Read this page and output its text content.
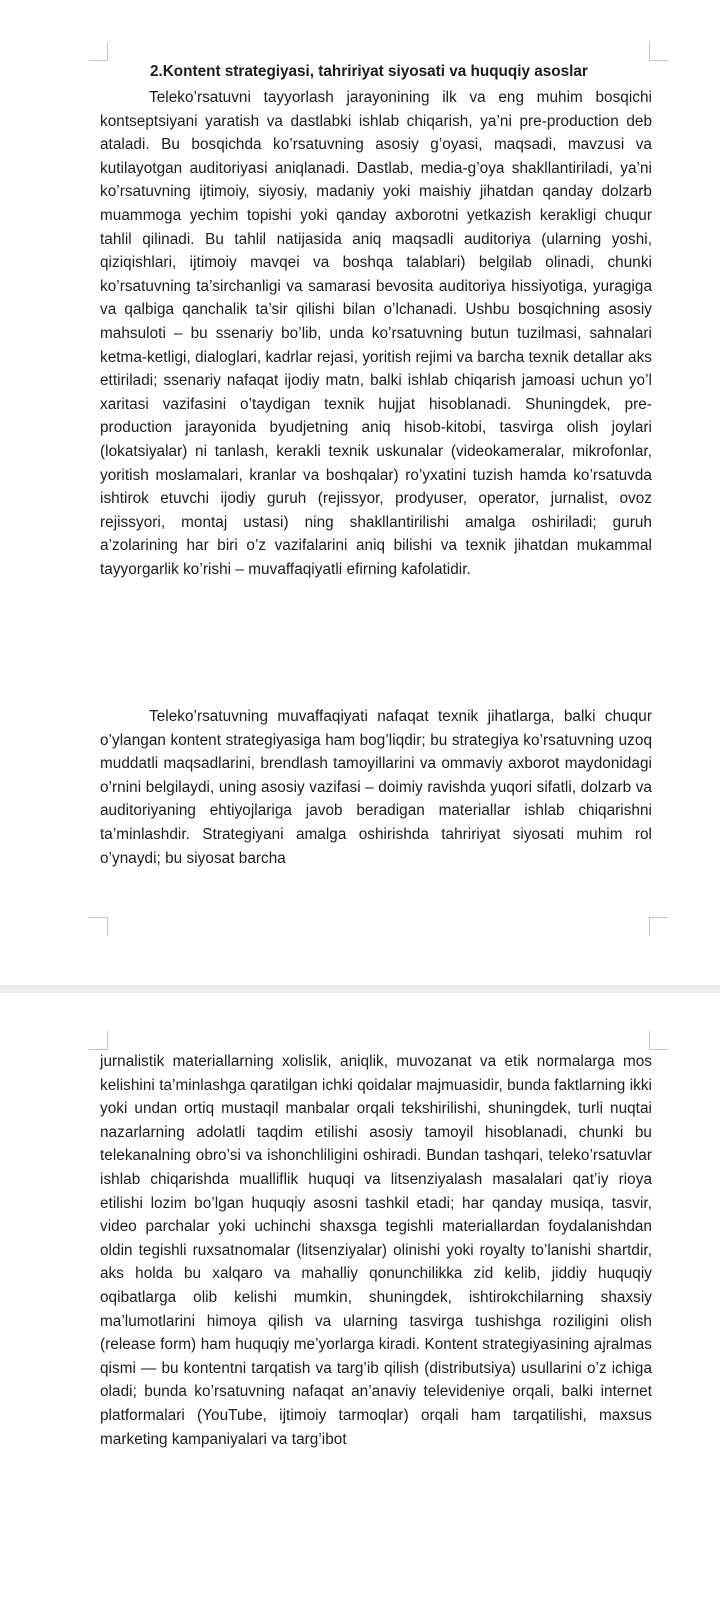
2.Kontent strategiyasi, tahririyat siyosati va huquqiy asoslar

Teleko’rsatuvni tayyorlash jarayonining ilk va eng muhim bosqichi kontseptsiyani yaratish va dastlabki ishlab chiqarish, ya’ni pre-production deb ataladi. Bu bosqichda ko’rsatuvning asosiy g’oyasi, maqsadi, mavzusi va kutilayotgan auditoriyasi aniqlanadi. Dastlab, media-g’oya shakllantiriladi, ya’ni ko’rsatuvning ijtimoiy, siyosiy, madaniy yoki maishiy jihatdan qanday dolzarb muammoga yechim topishi yoki qanday axborotni yetkazish kerakligi chuqur tahlil qilinadi. Bu tahlil natijasida aniq maqsadli auditoriya (ularning yoshi, qiziqishlari, ijtimoiy mavqei va boshqa talablari) belgilab olinadi, chunki ko’rsatuvning ta’sirchanligi va samarasi bevosita auditoriya hissiyotiga, yuragiga va qalbiga qanchalik ta’sir qilishi bilan o’lchanadi. Ushbu bosqichning asosiy mahsuloti – bu ssenariy bo’lib, unda ko’rsatuvning butun tuzilmasi, sahnalari ketma-ketligi, dialoglari, kadrlar rejasi, yoritish rejimi va barcha texnik detallar aks ettiriladi; ssenariy nafaqat ijodiy matn, balki ishlab chiqarish jamoasi uchun yo’l xaritasi vazifasini o’taydigan texnik hujjat hisoblanadi. Shuningdek, pre-production jarayonida byudjetning aniq hisob-kitobi, tasvirga olish joylari (lokatsiyalar) ni tanlash, kerakli texnik uskunalar (videokameralar, mikrofonlar, yoritish moslamalari, kranlar va boshqalar) ro’yxatini tuzish hamda ko’rsatuvda ishtirok etuvchi ijodiy guruh (rejissyor, prodyuser, operator, jurnalist, ovoz rejissyori, montaj ustasi) ning shakllantirilishi amalga oshiriladi; guruh a’zolarining har biri o’z vazifalarini aniq bilishi va texnik jihatdan mukammal tayyorgarlik ko’rishi – muvaffaqiyatli efirning kafolatidir.

Teleko’rsatuvning muvaffaqiyati nafaqat texnik jihatlarga, balki chuqur o’ylangan kontent strategiyasiga ham bog’liqdir; bu strategiya ko’rsatuvning uzoq muddatli maqsadlarini, brendlash tamoyillarini va ommaviy axborot maydonidagi o’rnini belgilaydi, uning asosiy vazifasi – doimiy ravishda yuqori sifatli, dolzarb va auditoriyaning ehtiyojlariga javob beradigan materiallar ishlab chiqarishni ta’minlashdir. Strategiyani amalga oshirishda tahririyat siyosati muhim rol o’ynaydi; bu siyosat barcha

jurnalistik materiallarning xolislik, aniqlik, muvozanat va etik normalarga mos kelishini ta’minlashga qaratilgan ichki qoidalar majmuasidir, bunda faktlarning ikki yoki undan ortiq mustaqil manbalar orqali tekshirilishi, shuningdek, turli nuqtai nazarlarning adolatli taqdim etilishi asosiy tamoyil hisoblanadi, chunki bu telekanalning obro’si va ishonchliligini oshiradi. Bundan tashqari, teleko’rsatuvlar ishlab chiqarishda mualliflik huquqi va litsenziyalash masalalari qat’iy rioya etilishi lozim bo’lgan huquqiy asosni tashkil etadi; har qanday musiqa, tasvir, video parchalar yoki uchinchi shaxsga tegishli materiallardan foydalanishdan oldin tegishli ruxsatnomalar (litsenziyalar) olinishi yoki royalty to’lanishi shartdir, aks holda bu xalqaro va mahalliy qonunchilikka zid kelib, jiddiy huquqiy oqibatlarga olib kelishi mumkin, shuningdek, ishtirokchilarning shaxsiy ma’lumotlarini himoya qilish va ularning tasvirga tushishga roziligini olish (release form) ham huquqiy me’yorlarga kiradi. Kontent strategiyasining ajralmas qismi — bu kontentni tarqatish va targ’ib qilish (distributsiya) usullarini o’z ichiga oladi; bunda ko’rsatuvning nafaqat an’anaviy televideniye orqali, balki internet platformalari (YouTube, ijtimoiy tarmoqlar) orqali ham tarqatilishi, maxsus marketing kampaniyalari va targ’ibot
